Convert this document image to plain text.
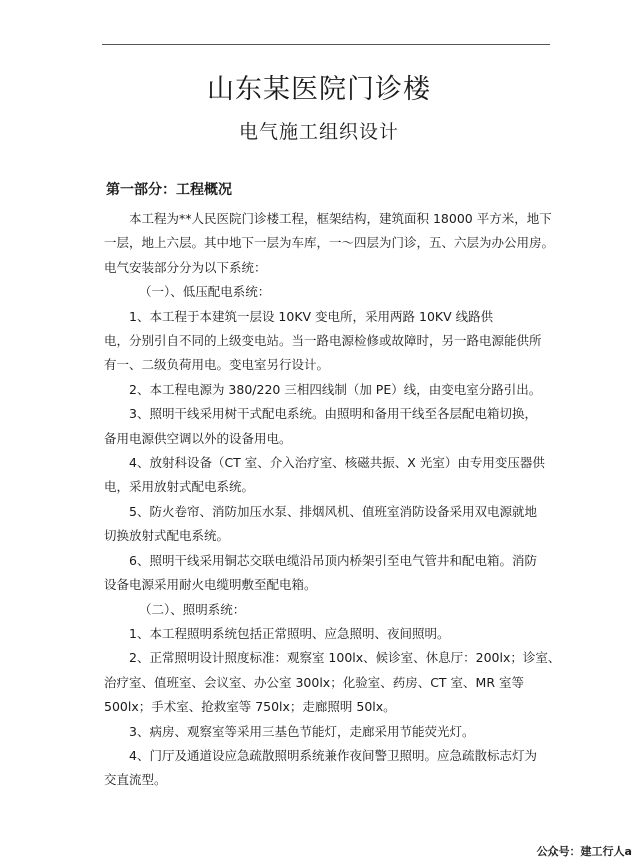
山东某医院门诊楼
电气施工组织设计
第一部分：工程概况

本工程为**人民医院门诊楼工程，框架结构，建筑面积 18000 平方米，地下

一层，地上六层。其中地下一层为车库，一～四层为门诊，五、六层为办公用房。

电气安装部分分为以下系统：

（一）、低压配电系统：

1、本工程于本建筑一层设 10KV 变电所，采用两路 10KV 线路供

电，分别引自不同的上级变电站。当一路电源检修或故障时，另一路电源能供所

有一、二级负荷用电。变电室另行设计。

2、本工程电源为 380/220 三相四线制（加 PE）线，由变电室分路引出。

3、照明干线采用树干式配电系统。由照明和备用干线至各层配电箱切换，

备用电源供空调以外的设备用电。

4、放射科设备（CT 室、介入治疗室、核磁共振、X 光室）由专用变压器供

电，采用放射式配电系统。

5、防火卷帘、消防加压水泵、排烟风机、值班室消防设备采用双电源就地

切换放射式配电系统。

6、照明干线采用铜芯交联电缆沿吊顶内桥架引至电气管井和配电箱。消防

设备电源采用耐火电缆明敷至配电箱。

（二）、照明系统：

1、本工程照明系统包括正常照明、应急照明、夜间照明。

2、正常照明设计照度标准：观察室 100lx、候诊室、休息厅：200lx；诊室、

治疗室、值班室、会议室、办公室 300lx；化验室、药房、CT 室、MR 室等

500lx；手术室、抢救室等 750lx；走廊照明 50lx。

3、病房、观察室等采用三基色节能灯，走廊采用节能荧光灯。

4、门厅及通道设应急疏散照明系统兼作夜间警卫照明。应急疏散标志灯为

交直流型。

公众号：建工行人a
